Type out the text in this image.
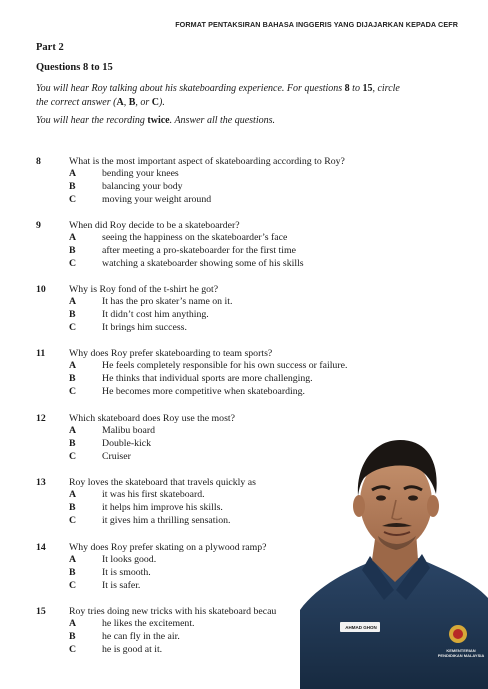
FORMAT PENTAKSIRAN BAHASA INGGERIS YANG DIJAJARKAN KEPADA CEFR
Part 2
Questions 8 to 15
You will hear Roy talking about his skateboarding experience. For questions 8 to 15, circle
the correct answer (A, B, or C).
You will hear the recording twice. Answer all the questions.
8	What is the most important aspect of skateboarding according to Roy?
A	bending your knees
B	balancing your body
C	moving your weight around
9	When did Roy decide to be a skateboarder?
A	seeing the happiness on the skateboarder’s face
B	after meeting a pro-skateboarder for the first time
C	watching a skateboarder showing some of his skills
10 Why is Roy fond of the t-shirt he got?
A	It has the pro skater’s name on it.
B	It didn’t cost him anything.
C	It brings him success.
11 Why does Roy prefer skateboarding to team sports?
A	He feels completely responsible for his own success or failure.
B	He thinks that individual sports are more challenging.
C	He becomes more competitive when skateboarding.
12 Which skateboard does Roy use the most?
A	Malibu board
B	Double-kick
C	Cruiser
13 Roy loves the skateboard that travels quickly as
A	it was his first skateboard.
B	it helps him improve his skills.
C	it gives him a thrilling sensation.
14 Why does Roy prefer skating on a plywood ramp?
A	It looks good.
B	It is smooth.
C	It is safer.
15 Roy tries doing new tricks with his skateboard becau
A	he likes the excitement.
B	he can fly in the air.
C	he is good at it.
AHMAD GHON
KEMENTERIAN PENDIDIKAN MALAYSIA
